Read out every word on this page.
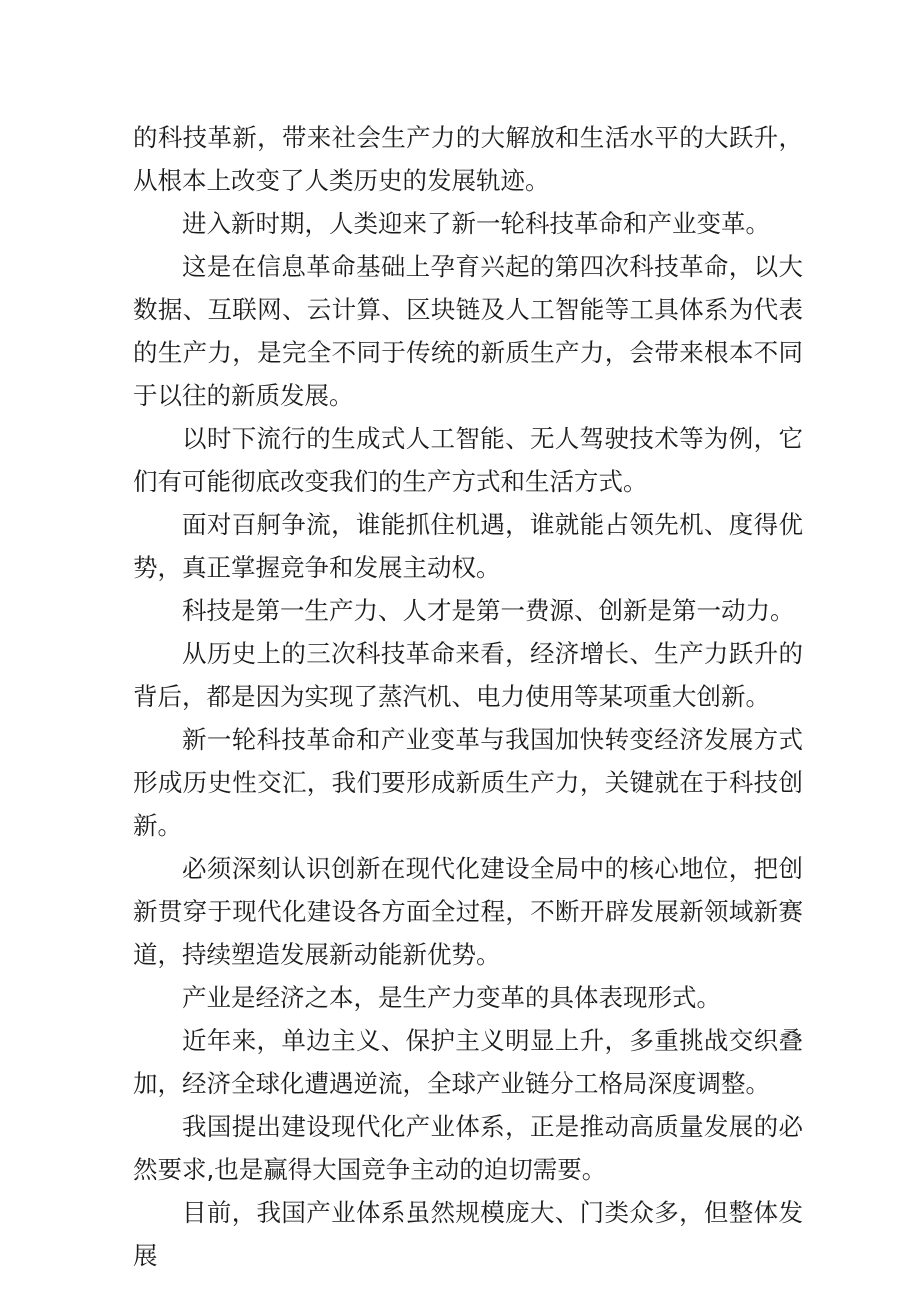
的科技革新，带来社会生产力的大解放和生活水平的大跃升，从根本上改变了人类历史的发展轨迹。

进入新时期，人类迎来了新一轮科技革命和产业变革。

这是在信息革命基础上孕育兴起的第四次科技革命，以大数据、互联网、云计算、区块链及人工智能等工具体系为代表的生产力，是完全不同于传统的新质生产力，会带来根本不同于以往的新质发展。

以时下流行的生成式人工智能、无人驾驶技术等为例，它们有可能彻底改变我们的生产方式和生活方式。

面对百舸争流，谁能抓住机遇，谁就能占领先机、度得优势，真正掌握竞争和发展主动权。

科技是第一生产力、人才是第一费源、创新是第一动力。

从历史上的三次科技革命来看，经济增长、生产力跃升的背后，都是因为实现了蒸汽机、电力使用等某项重大创新。

新一轮科技革命和产业变革与我国加快转变经济发展方式形成历史性交汇，我们要形成新质生产力，关键就在于科技创新。

必须深刻认识创新在现代化建设全局中的核心地位，把创新贯穿于现代化建设各方面全过程，不断开辟发展新领域新赛道，持续塑造发展新动能新优势。

产业是经济之本，是生产力变革的具体表现形式。

近年来，单边主义、保护主义明显上升，多重挑战交织叠加，经济全球化遭遇逆流，全球产业链分工格局深度调整。

我国提出建设现代化产业体系，正是推动高质量发展的必然要求,也是赢得大国竞争主动的迫切需要。

目前，我国产业体系虽然规模庞大、门类众多，但整体发展
